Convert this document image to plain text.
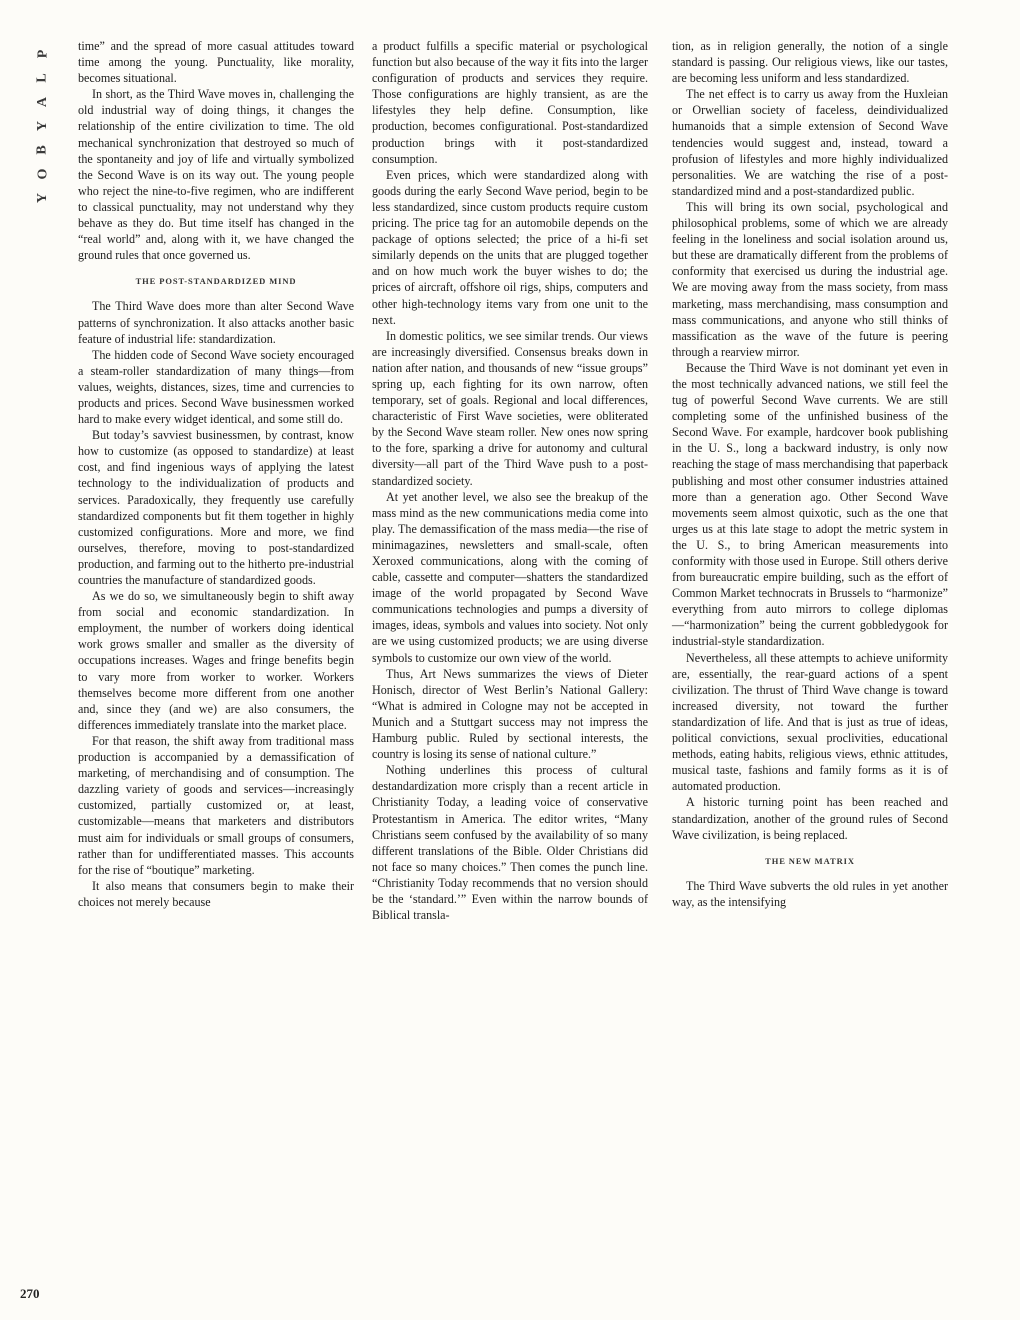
P
L
A
Y
B
O
Y

time” and the spread of more casual attitudes toward time among the young. Punctuality, like morality, becomes situational.

In short, as the Third Wave moves in, challenging the old industrial way of doing things, it changes the relationship of the entire civilization to time. The old mechanical synchronization that destroyed so much of the spontaneity and joy of life and virtually symbolized the Second Wave is on its way out. The young people who reject the nine-to-five regimen, who are indifferent to classical punctuality, may not understand why they behave as they do. But time itself has changed in the “real world” and, along with it, we have changed the ground rules that once governed us.

THE POST-STANDARDIZED MIND

The Third Wave does more than alter Second Wave patterns of synchronization. It also attacks another basic feature of industrial life: standardization.

The hidden code of Second Wave society encouraged a steam-roller standardization of many things—from values, weights, distances, sizes, time and currencies to products and prices. Second Wave businessmen worked hard to make every widget identical, and some still do.

But today’s savviest businessmen, by contrast, know how to customize (as opposed to standardize) at least cost, and find ingenious ways of applying the latest technology to the individualization of products and services. Paradoxically, they frequently use carefully standardized components but fit them together in highly customized configurations. More and more, we find ourselves, therefore, moving to post-standardized production, and farming out to the hitherto pre-industrial countries the manufacture of standardized goods.

As we do so, we simultaneously begin to shift away from social and economic standardization. In employment, the number of workers doing identical work grows smaller and smaller as the diversity of occupations increases. Wages and fringe benefits begin to vary more from worker to worker. Workers themselves become more different from one another and, since they (and we) are also consumers, the differences immediately translate into the market place.

For that reason, the shift away from traditional mass production is accompanied by a demassification of marketing, of merchandising and of consumption. The dazzling variety of goods and services—increasingly customized, partially customized or, at least, customizable—means that marketers and distributors must aim for individuals or small groups of consumers, rather than for undifferentiated masses. This accounts for the rise of “boutique” marketing.

It also means that consumers begin to make their choices not merely because

a product fulfills a specific material or psychological function but also because of the way it fits into the larger configuration of products and services they require. Those configurations are highly transient, as are the lifestyles they help define. Consumption, like production, becomes configurational. Post-standardized production brings with it post-standardized consumption.

Even prices, which were standardized along with goods during the early Second Wave period, begin to be less standardized, since custom products require custom pricing. The price tag for an automobile depends on the package of options selected; the price of a hi-fi set similarly depends on the units that are plugged together and on how much work the buyer wishes to do; the prices of aircraft, offshore oil rigs, ships, computers and other high-technology items vary from one unit to the next.

In domestic politics, we see similar trends. Our views are increasingly diversified. Consensus breaks down in nation after nation, and thousands of new “issue groups” spring up, each fighting for its own narrow, often temporary, set of goals. Regional and local differences, characteristic of First Wave societies, were obliterated by the Second Wave steam roller. New ones now spring to the fore, sparking a drive for autonomy and cultural diversity—all part of the Third Wave push to a post-standardized society.

At yet another level, we also see the breakup of the mass mind as the new communications media come into play. The demassification of the mass media—the rise of minimagazines, newsletters and small-scale, often Xeroxed communications, along with the coming of cable, cassette and computer—shatters the standardized image of the world propagated by Second Wave communications technologies and pumps a diversity of images, ideas, symbols and values into society. Not only are we using customized products; we are using diverse symbols to customize our own view of the world.

Thus, Art News summarizes the views of Dieter Honisch, director of West Berlin’s National Gallery: “What is admired in Cologne may not be accepted in Munich and a Stuttgart success may not impress the Hamburg public. Ruled by sectional interests, the country is losing its sense of national culture.”

Nothing underlines this process of cultural destandardization more crisply than a recent article in Christianity Today, a leading voice of conservative Protestantism in America. The editor writes, “Many Christians seem confused by the availability of so many different translations of the Bible. Older Christians did not face so many choices.” Then comes the punch line. “Christianity Today recommends that no version should be the ‘standard.’” Even within the narrow bounds of Biblical transla-

tion, as in religion generally, the notion of a single standard is passing. Our religious views, like our tastes, are becoming less uniform and less standardized.

The net effect is to carry us away from the Huxleian or Orwellian society of faceless, deindividualized humanoids that a simple extension of Second Wave tendencies would suggest and, instead, toward a profusion of lifestyles and more highly individualized personalities. We are watching the rise of a post-standardized mind and a post-standardized public.

This will bring its own social, psychological and philosophical problems, some of which we are already feeling in the loneliness and social isolation around us, but these are dramatically different from the problems of conformity that exercised us during the industrial age. We are moving away from the mass society, from mass marketing, mass merchandising, mass consumption and mass communications, and anyone who still thinks of massification as the wave of the future is peering through a rearview mirror.

Because the Third Wave is not dominant yet even in the most technically advanced nations, we still feel the tug of powerful Second Wave currents. We are still completing some of the unfinished business of the Second Wave. For example, hardcover book publishing in the U. S., long a backward industry, is only now reaching the stage of mass merchandising that paperback publishing and most other consumer industries attained more than a generation ago. Other Second Wave movements seem almost quixotic, such as the one that urges us at this late stage to adopt the metric system in the U. S., to bring American measurements into conformity with those used in Europe. Still others derive from bureaucratic empire building, such as the effort of Common Market technocrats in Brussels to “harmonize” everything from auto mirrors to college diplomas—“harmonization” being the current gobbledygook for industrial-style standardization.

Nevertheless, all these attempts to achieve uniformity are, essentially, the rear-guard actions of a spent civilization. The thrust of Third Wave change is toward increased diversity, not toward the further standardization of life. And that is just as true of ideas, political convictions, sexual proclivities, educational methods, eating habits, religious views, ethnic attitudes, musical taste, fashions and family forms as it is of automated production.

A historic turning point has been reached and standardization, another of the ground rules of Second Wave civilization, is being replaced.

THE NEW MATRIX

The Third Wave subverts the old rules in yet another way, as the intensifying

270
